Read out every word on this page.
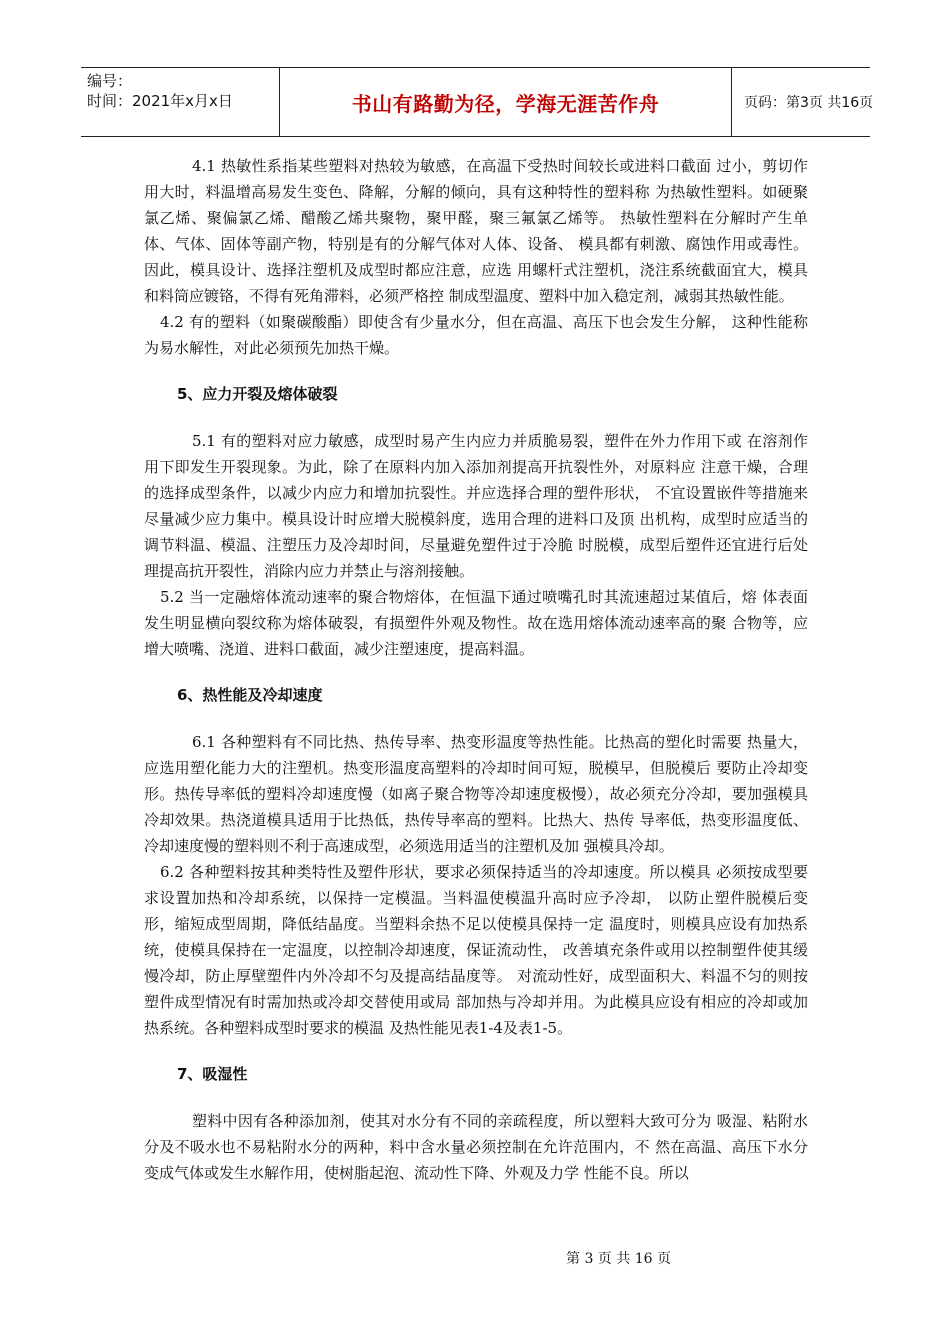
编号：
时间：2021年x月x日	书山有路勤为径，学海无涯苦作舟	页码：第3页 共16页

4.1 热敏性系指某些塑料对热较为敏感，在高温下受热时间较长或进料口截面 过小，剪切作用大时，料温增高易发生变色、降解，分解的倾向，具有这种特性的塑料称 为热敏性塑料。如硬聚氯乙烯、聚偏氯乙烯、醋酸乙烯共聚物，聚甲醛，聚三氟氯乙烯等。 热敏性塑料在分解时产生单体、气体、固体等副产物，特别是有的分解气体对人体、设备、 模具都有刺激、腐蚀作用或毒性。因此，模具设计、选择注塑机及成型时都应注意，应选 用螺杆式注塑机，浇注系统截面宜大，模具和料筒应镀铬，不得有死角滞料，必须严格控 制成型温度、塑料中加入稳定剂，减弱其热敏性能。

4.2 有的塑料（如聚碳酸酯）即使含有少量水分，但在高温、高压下也会发生分解， 这种性能称为易水解性，对此必须预先加热干燥。

5、应力开裂及熔体破裂

5.1 有的塑料对应力敏感，成型时易产生内应力并质脆易裂，塑件在外力作用下或 在溶剂作用下即发生开裂现象。为此，除了在原料内加入添加剂提高开抗裂性外，对原料应 注意干燥，合理的选择成型条件，以减少内应力和增加抗裂性。并应选择合理的塑件形状， 不宜设置嵌件等措施来尽量减少应力集中。模具设计时应增大脱模斜度，选用合理的进料口及顶 出机构，成型时应适当的调节料温、模温、注塑压力及冷却时间，尽量避免塑件过于冷脆 时脱模，成型后塑件还宜进行后处理提高抗开裂性，消除内应力并禁止与溶剂接触。

5.2 当一定融熔体流动速率的聚合物熔体，在恒温下通过喷嘴孔时其流速超过某值后，熔 体表面发生明显横向裂纹称为熔体破裂，有损塑件外观及物性。故在选用熔体流动速率高的聚 合物等，应增大喷嘴、浇道、进料口截面，减少注塑速度，提高料温。

6、热性能及冷却速度

6.1 各种塑料有不同比热、热传导率、热变形温度等热性能。比热高的塑化时需要 热量大，应选用塑化能力大的注塑机。热变形温度高塑料的冷却时间可短，脱模早，但脱模后 要防止冷却变形。热传导率低的塑料冷却速度慢（如离子聚合物等冷却速度极慢），故必须充分冷却，要加强模具冷却效果。热浇道模具适用于比热低，热传导率高的塑料。比热大、热传 导率低，热变形温度低、冷却速度慢的塑料则不利于高速成型，必须选用适当的注塑机及加 强模具冷却。

6.2 各种塑料按其种类特性及塑件形状，要求必须保持适当的冷却速度。所以模具 必须按成型要求设置加热和冷却系统，以保持一定模温。当料温使模温升高时应予冷却， 以防止塑件脱模后变形，缩短成型周期，降低结晶度。当塑料余热不足以使模具保持一定 温度时，则模具应设有加热系统，使模具保持在一定温度，以控制冷却速度，保证流动性， 改善填充条件或用以控制塑件使其缓慢冷却，防止厚壁塑件内外冷却不匀及提高结晶度等。 对流动性好，成型面积大、料温不匀的则按塑件成型情况有时需加热或冷却交替使用或局 部加热与冷却并用。为此模具应设有相应的冷却或加热系统。各种塑料成型时要求的模温 及热性能见表1-4及表1-5。

7、吸湿性

塑料中因有各种添加剂，使其对水分有不同的亲疏程度，所以塑料大致可分为 吸湿、粘附水分及不吸水也不易粘附水分的两种，料中含水量必须控制在允许范围内，不 然在高温、高压下水分变成气体或发生水解作用，使树脂起泡、流动性下降、外观及力学 性能不良。所以

第 3 页 共 16 页
